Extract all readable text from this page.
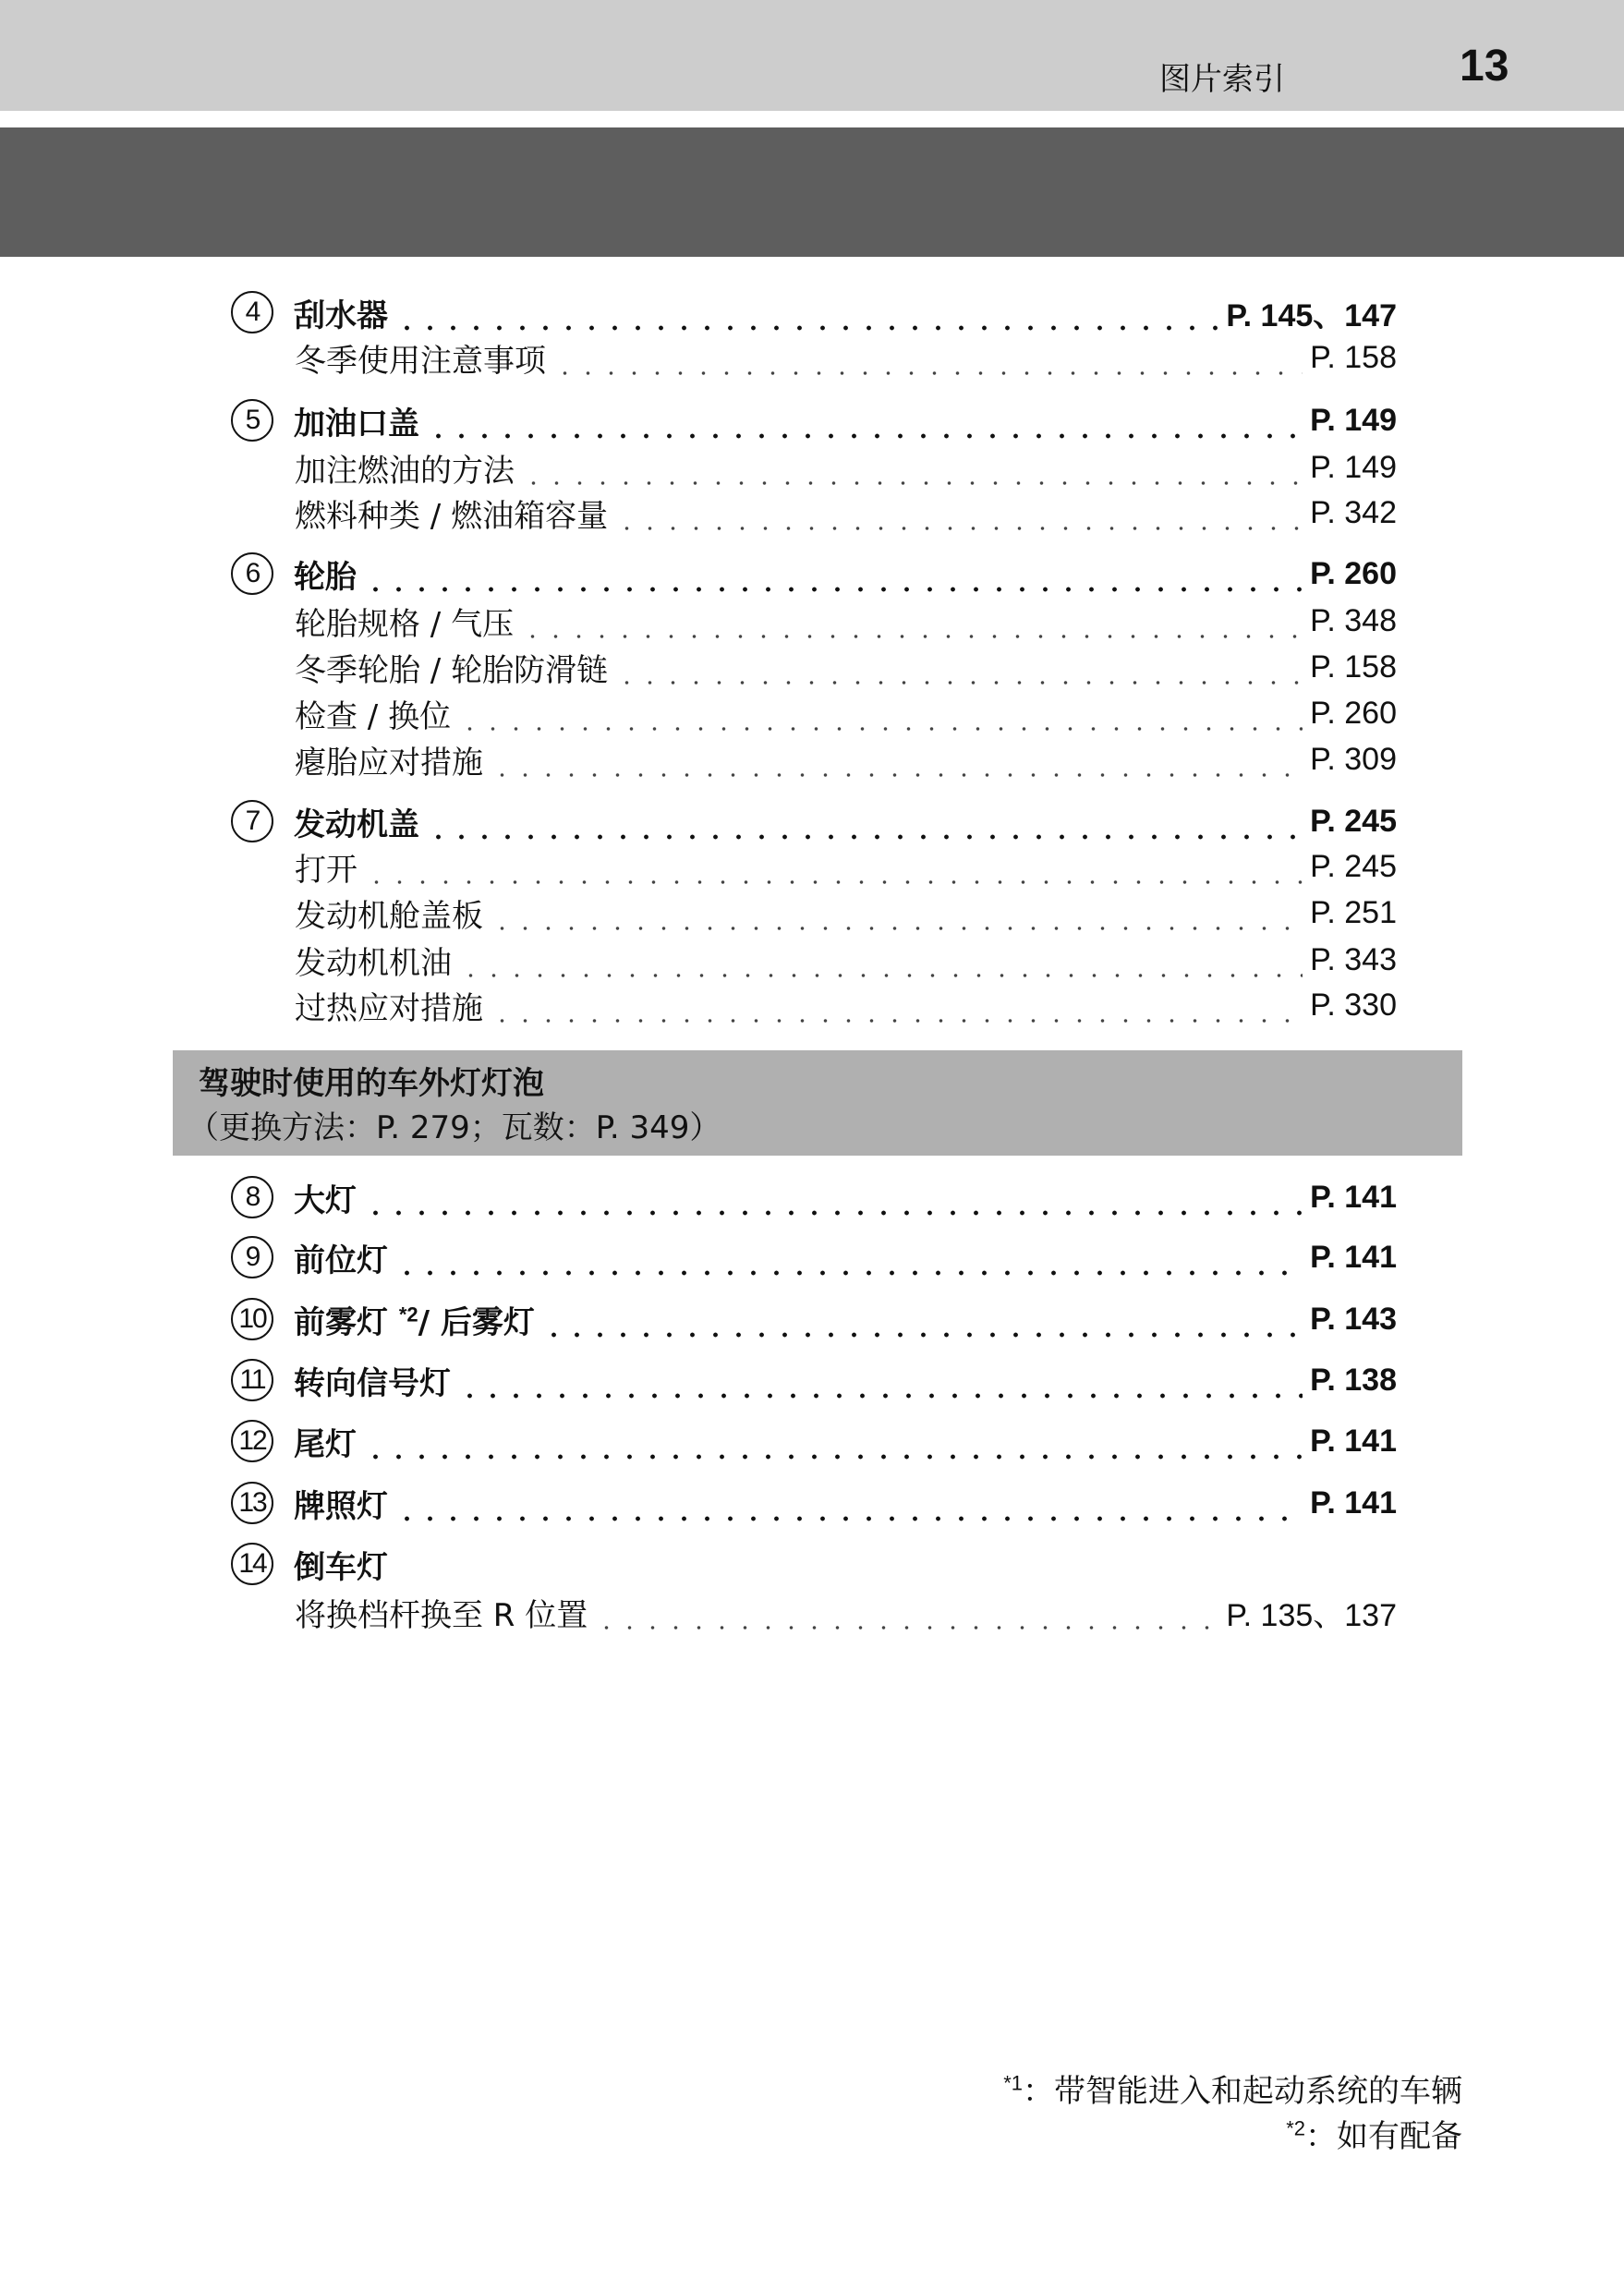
图片索引	13
4	刮水器	P. 145、147
冬季使用注意事项	P. 158
5	加油口盖	P. 149
加注燃油的方法	P. 149
燃料种类 / 燃油箱容量	P. 342
6	轮胎	P. 260
轮胎规格 / 气压	P. 348
冬季轮胎 / 轮胎防滑链	P. 158
检查 / 换位	P. 260
瘪胎应对措施	P. 309
7	发动机盖	P. 245
打开	P. 245
发动机舱盖板	P. 251
发动机机油	P. 343
过热应对措施	P. 330
驾驶时使用的车外灯灯泡
（更换方法：P. 279；瓦数：P. 349）
8	大灯	P. 141
9	前位灯	P. 141
10 前雾灯 $^{*2}$/ 后雾灯	P. 143
11 转向信号灯	P. 138
12 尾灯	P. 141
13 牌照灯	P. 141
14 倒车灯
将换档杆换至 R 位置	P. 135、137
$^{*1}$：带智能进入和起动系统的车辆
$^{*2}$：如有配备
